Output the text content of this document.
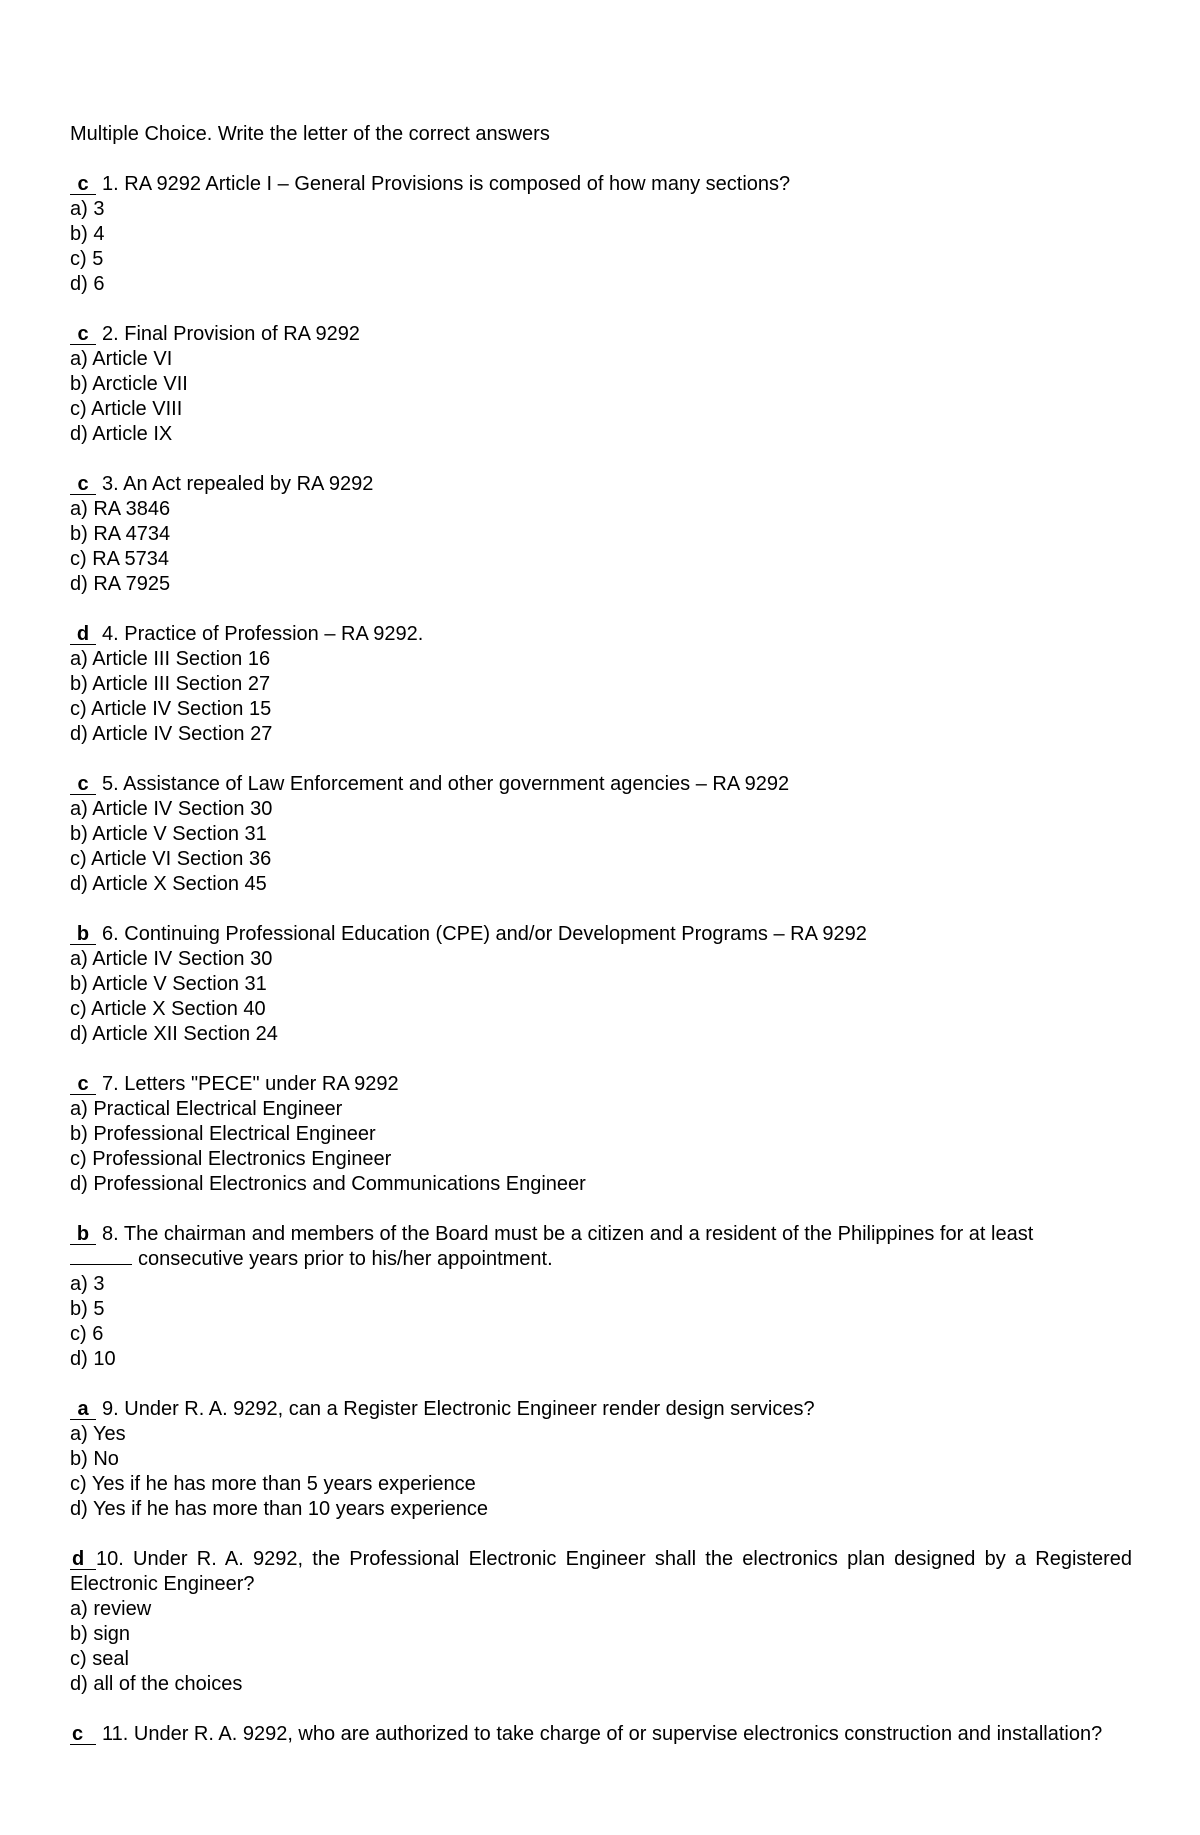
Multiple Choice. Write the letter of the correct answers
c 1. RA 9292 Article I – General Provisions is composed of how many sections?
a) 3
b) 4
c) 5
d) 6
c 2. Final Provision of RA 9292
a) Article VI
b) Arcticle VII
c) Article VIII
d) Article IX
c 3. An Act repealed by RA 9292
a) RA 3846
b) RA 4734
c) RA 5734
d) RA 7925
d 4. Practice of Profession – RA 9292.
a) Article III Section 16
b) Article III Section 27
c) Article IV Section 15
d) Article IV Section 27
c 5. Assistance of Law Enforcement and other government agencies – RA 9292
a) Article IV Section 30
b) Article V Section 31
c) Article VI Section 36
d) Article X Section 45
b 6. Continuing Professional Education (CPE) and/or Development Programs – RA 9292
a) Article IV Section 30
b) Article V Section 31
c) Article X Section 40
d) Article XII Section 24
c 7. Letters "PECE" under RA 9292
a) Practical Electrical Engineer
b) Professional Electrical Engineer
c) Professional Electronics Engineer
d) Professional Electronics and Communications Engineer
b 8. The chairman and members of the Board must be a citizen and a resident of the Philippines for at least
consecutive years prior to his/her appointment.
a) 3
b) 5
c) 6
d) 10
a 9. Under R. A. 9292, can a Register Electronic Engineer render design services?
a) Yes
b) No
c) Yes if he has more than 5 years experience
d) Yes if he has more than 10 years experience
d 10. Under R. A. 9292, the Professional Electronic Engineer shall the electronics plan designed by a Registered Electronic Engineer?
a) review
b) sign
c) seal
d) all of the choices
c 11. Under R. A. 9292, who are authorized to take charge of or supervise electronics construction and installation?
